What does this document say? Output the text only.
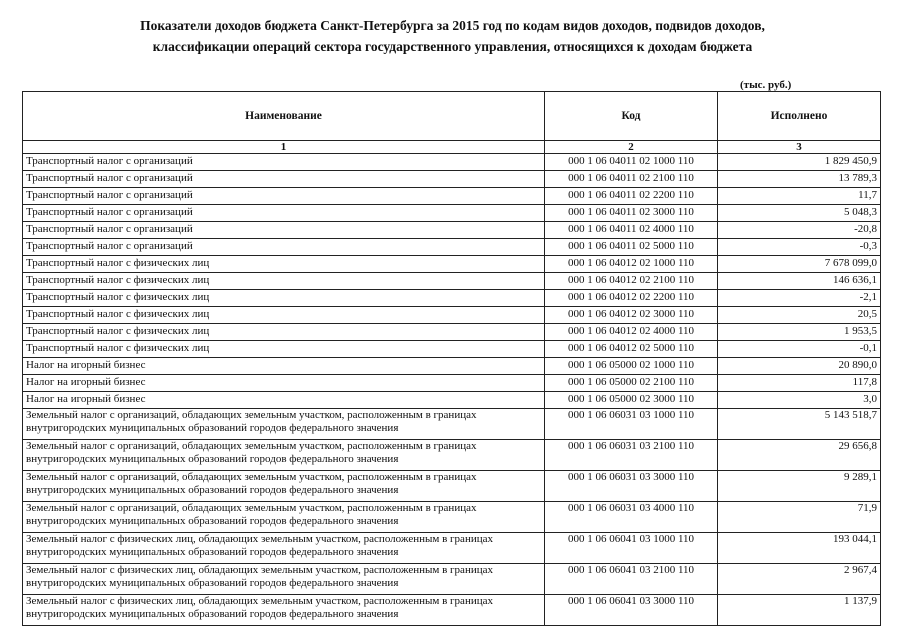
Показатели доходов бюджета Санкт-Петербурга за 2015 год по кодам видов доходов, подвидов доходов,
классификации операций сектора государственного управления, относящихся к доходам бюджета
(тыс. руб.)
Наименование	Код	Исполнено
1	2	3

Транспортный налог с организаций	000 1 06 04011 02 1000 110	1 829 450,9

Транспортный налог с организаций	000 1 06 04011 02 2100 110	13 789,3

Транспортный налог с организаций	000 1 06 04011 02 2200 110	11,7

Транспортный налог с организаций	000 1 06 04011 02 3000 110	5 048,3

Транспортный налог с организаций	000 1 06 04011 02 4000 110	-20,8

Транспортный налог с организаций	000 1 06 04011 02 5000 110	-0,3

Транспортный налог с физических лиц	000 1 06 04012 02 1000 110	7 678 099,0

Транспортный налог с физических лиц	000 1 06 04012 02 2100 110	146 636,1

Транспортный налог с физических лиц	000 1 06 04012 02 2200 110	-2,1

Транспортный налог с физических лиц	000 1 06 04012 02 3000 110	20,5

Транспортный налог с физических лиц	000 1 06 04012 02 4000 110	1 953,5

Транспортный налог с физических лиц	000 1 06 04012 02 5000 110	-0,1

Налог на игорный бизнес	000 1 06 05000 02 1000 110	20 890,0

Налог на игорный бизнес	000 1 06 05000 02 2100 110	117,8

Налог на игорный бизнес	000 1 06 05000 02 3000 110	3,0

Земельный налог с организаций, обладающих земельным участком, расположенным в границах
внутригородских муниципальных образований городов федерального значения	000 1 06 06031 03 1000 110	5 143 518,7

Земельный налог с организаций, обладающих земельным участком, расположенным в границах
внутригородских муниципальных образований городов федерального значения	000 1 06 06031 03 2100 110	29 656,8

Земельный налог с организаций, обладающих земельным участком, расположенным в границах
внутригородских муниципальных образований городов федерального значения	000 1 06 06031 03 3000 110	9 289,1

Земельный налог с организаций, обладающих земельным участком, расположенным в границах
внутригородских муниципальных образований городов федерального значения	000 1 06 06031 03 4000 110	71,9

Земельный налог с физических лиц, обладающих земельным участком, расположенным в границах
внутригородских муниципальных образований городов федерального значения	000 1 06 06041 03 1000 110	193 044,1

Земельный налог с физических лиц, обладающих земельным участком, расположенным в границах
внутригородских муниципальных образований городов федерального значения	000 1 06 06041 03 2100 110	2 967,4

Земельный налог с физических лиц, обладающих земельным участком, расположенным в границах
внутригородских муниципальных образований городов федерального значения	000 1 06 06041 03 3000 110	1 137,9
